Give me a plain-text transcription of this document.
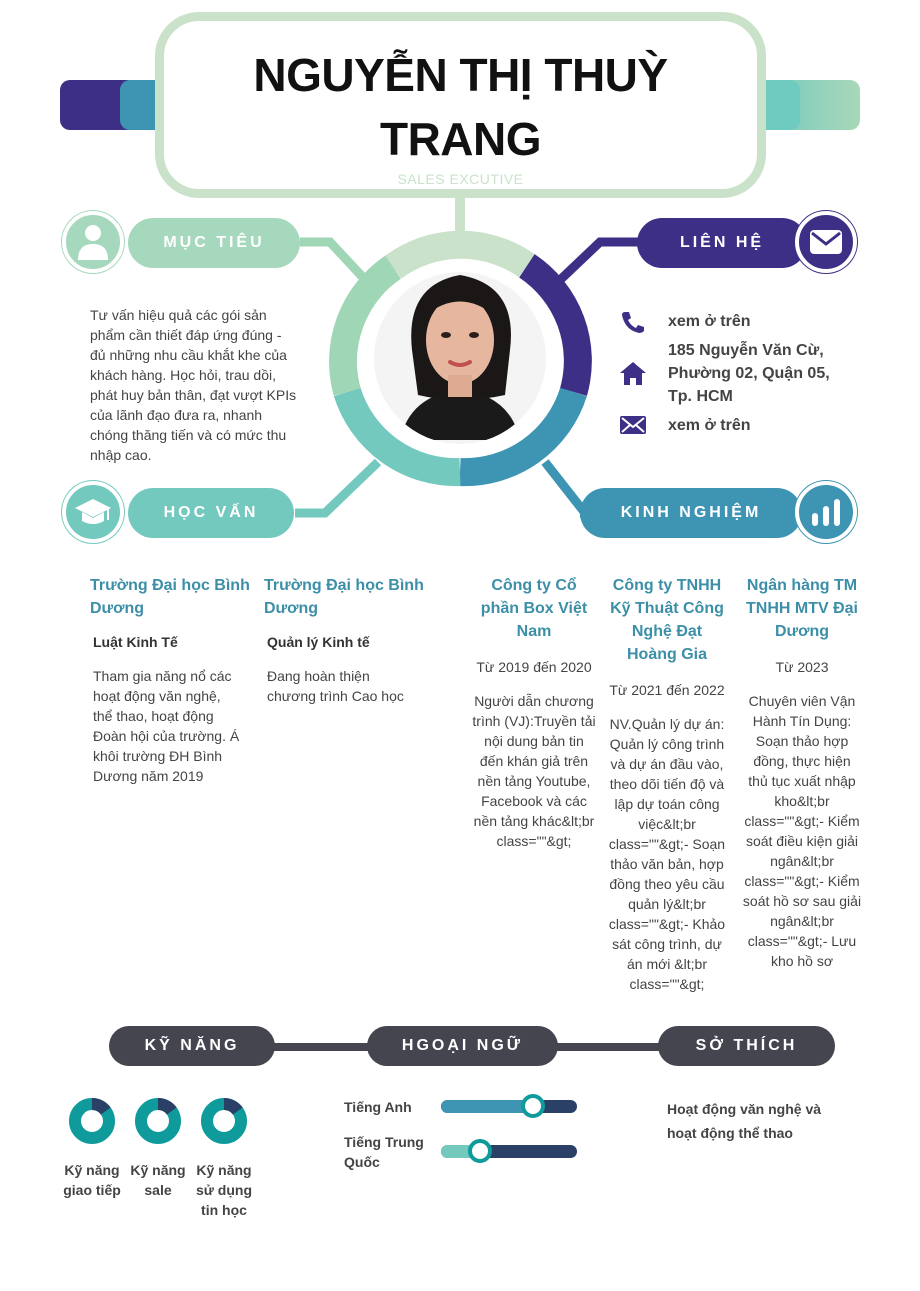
NGUYỄN THỊ THUỲ
TRANG
SALES EXCUTIVE
MỤC TIÊU
Tư vấn hiệu quả các gói sản phẩm cần thiết đáp ứng đúng - đủ những nhu cầu khắt khe của khách hàng. Học hỏi, trau dồi, phát huy bản thân, đạt vượt KPIs của lãnh đạo đưa ra, nhanh chóng thăng tiến và có mức thu nhập cao.
LIÊN HỆ
xem ở trên
185 Nguyễn Văn Cừ, Phường 02, Quận 05, Tp. HCM
xem ở trên
HỌC VẤN
Trường Đại học Bình Dương
Luật Kinh Tế
Tham gia năng nổ các hoạt động văn nghệ, thể thao, hoạt động Đoàn hội của trường. Á khôi trường ĐH Bình Dương năm 2019
Trường Đại học Bình Dương
Quản lý Kinh tế
Đang hoàn thiện chương trình Cao học
KINH NGHIỆM
Công ty Cổ phần Box Việt Nam
Từ 2019 đến 2020
Người dẫn chương trình (VJ):Truyền tải nội dung bản tin đến khán giả trên nền tảng Youtube, Facebook và các nền tảng khác&lt;br class=""&gt;
Công ty TNHH Kỹ Thuật Công Nghệ Đạt Hoàng Gia
Từ 2021 đến 2022
NV.Quản lý dự án: Quản lý công trình và dự án đầu vào, theo dõi tiến độ và lập dự toán công việc&lt;br class=""&gt;- Soạn thảo văn bản, hợp đồng theo yêu cầu quản lý&lt;br class=""&gt;- Khảo sát công trình, dự án mới &lt;br class=""&gt;
Ngân hàng TM TNHH MTV Đại Dương
Từ 2023
Chuyên viên Vận Hành Tín Dụng: Soạn thảo hợp đồng, thực hiện thủ tục xuất nhập kho&lt;br class=""&gt;- Kiểm soát điều kiện giải ngân&lt;br class=""&gt;- Kiểm soát hồ sơ sau giải ngân&lt;br class=""&gt;- Lưu kho hồ sơ
KỸ NĂNG	HGOẠI NGỮ	SỞ THÍCH
Kỹ năng giao tiếp
Kỹ năng sale
Kỹ năng sử dụng tin học
Tiếng Anh
Tiếng Trung Quốc
Hoạt động văn nghệ và hoạt động thể thao
